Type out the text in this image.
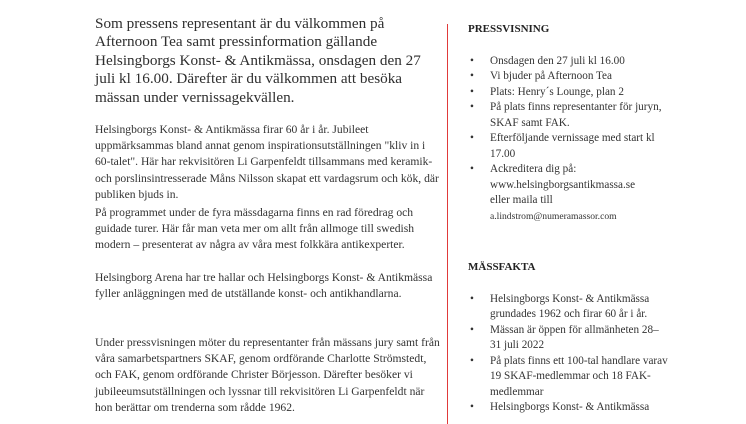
Som pressens representant är du välkommen på Afternoon Tea samt pressinformation gällande Helsingborgs Konst- & Antikmässa, onsdagen den 27 juli kl 16.00. Därefter är du välkommen att besöka mässan under vernissagekvällen.

Helsingborgs Konst- & Antikmässa firar 60 år i år. Jubileet uppmärksammas bland annat genom inspirationsutställningen "kliv in i 60-talet". Här har rekvisitören Li Garpenfeldt tillsammans med keramik- och porslinsintresserade Måns Nilsson skapat ett vardagsrum och kök, där publiken bjuds in.

På programmet under de fyra mässdagarna finns en rad föredrag och guidade turer. Här får man veta mer om allt från allmoge till swedish modern – presenterat av några av våra mest folkkära antikexperter.

Helsingborg Arena har tre hallar och Helsingborgs Konst- & Antikmässa fyller anläggningen med de utställande konst- och antikhandlarna.

Under pressvisningen möter du representanter från mässans jury samt från våra samarbetspartners SKAF, genom ordförande Charlotte Strömstedt, och FAK, genom ordförande Christer Börjesson. Därefter besöker vi jubileeumsutställningen och lyssnar till rekvisitören Li Garpenfeldt när hon berättar om trenderna som rådde 1962.

PRESSVISNING
• Onsdagen den 27 juli kl 16.00
• Vi bjuder på Afternoon Tea
• Plats: Henry´s Lounge, plan 2
• På plats finns representanter för juryn, SKAF samt FAK.
• Efterföljande vernissage med start kl 17.00
• Ackreditera dig på:
www.helsingborgsantikmassa.se
eller maila till
a.lindstrom@numeramassor.com
MÄSSFAKTA
• Helsingborgs Konst- & Antikmässa grundades 1962 och firar 60 år i år.
• Mässan är öppen för allmänheten 28–31 juli 2022
• På plats finns ett 100-tal handlare varav 19 SKAF-medlemmar och 18 FAK-medlemmar
• Helsingborgs Konst- & Antikmässa
